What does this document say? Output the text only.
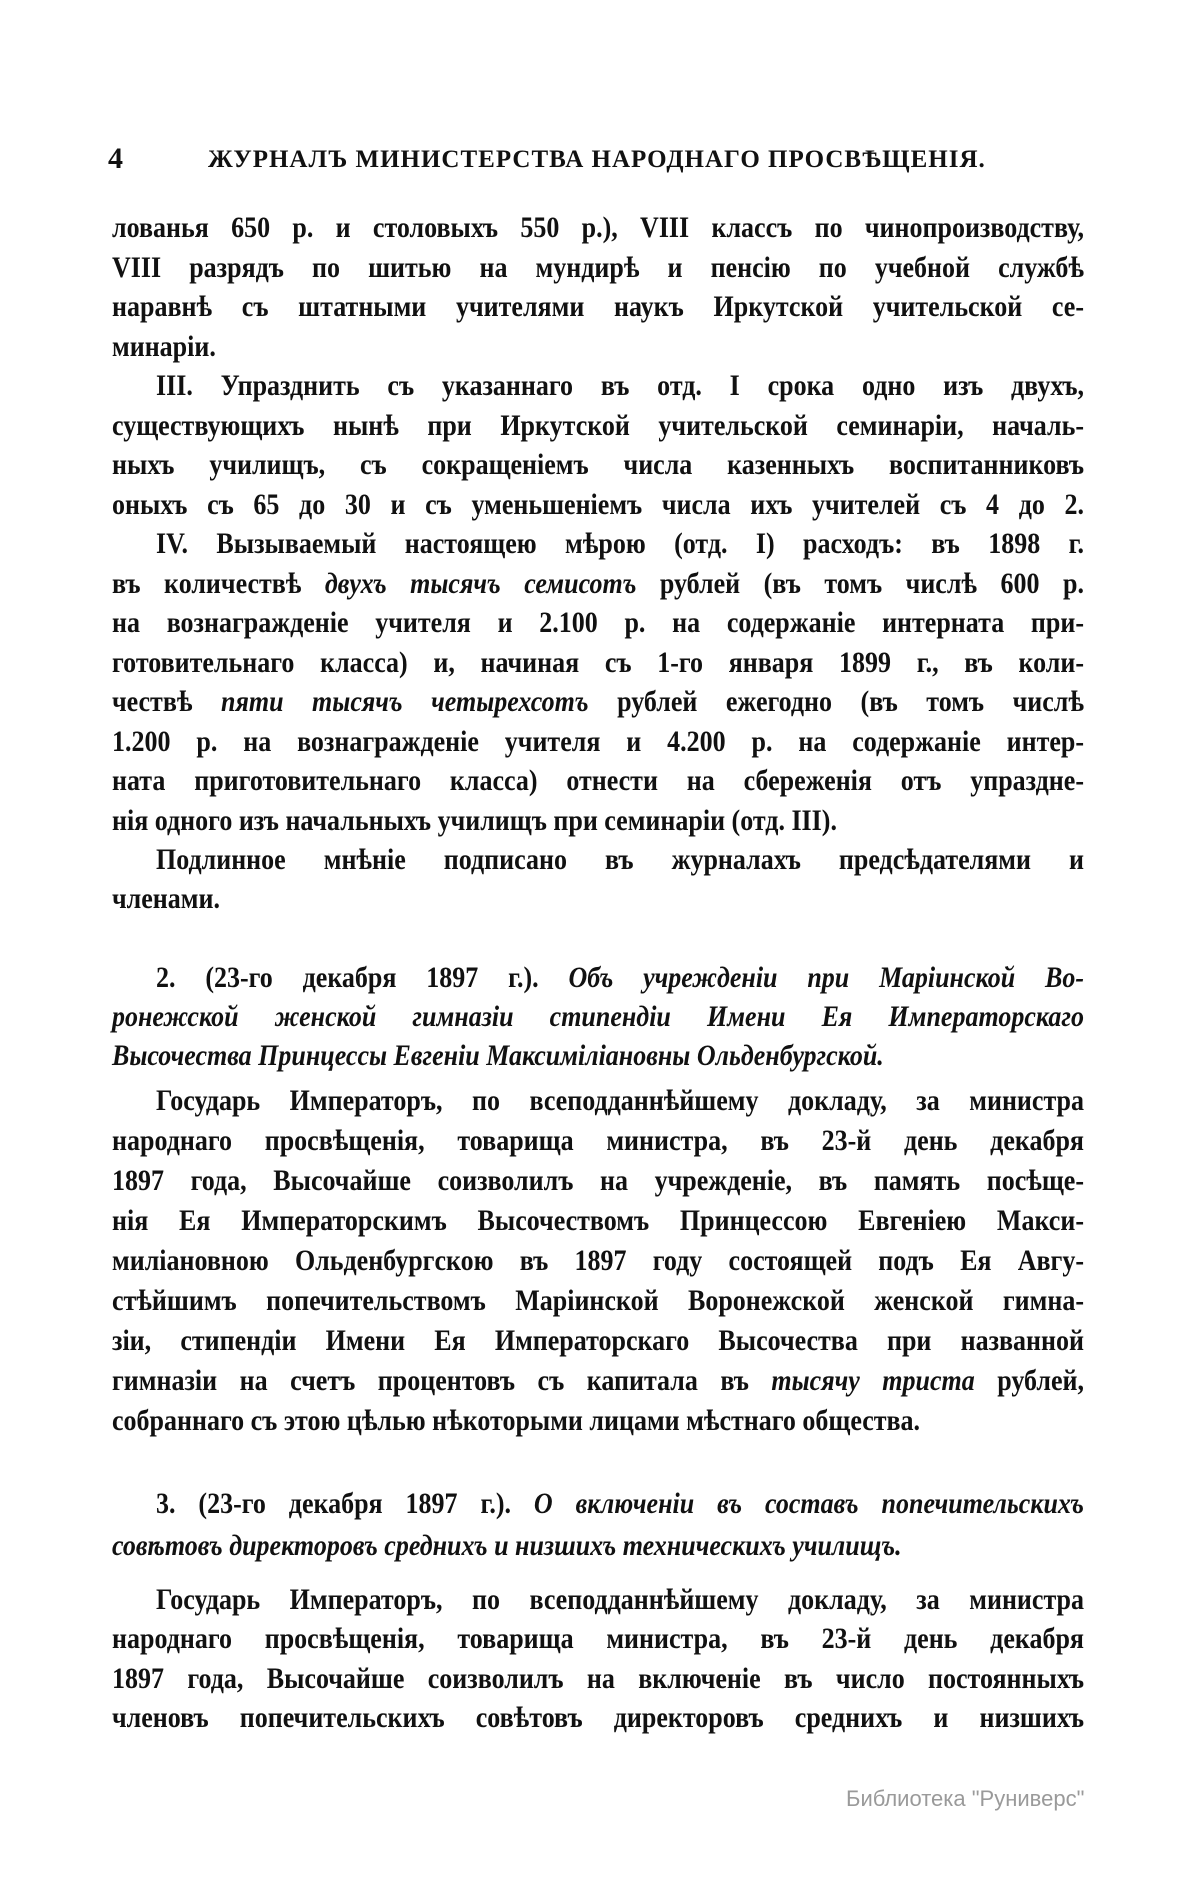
4	ЖУРНАЛЪ МИНИСТЕРСТВА НАРОДНАГО ПРОСВѢЩЕНІЯ.
лованья 650 р. и столовыхъ 550 р.), VIII классъ по чинопроизводству,
VIII разрядъ по шитью на мундирѣ и пенсію по учебной службѣ
наравнѣ съ штатными учителями наукъ Иркутской учительской се-
минаріи.
III. Упразднить съ указаннаго въ отд. I срока одно изъ двухъ,
существующихъ нынѣ при Иркутской учительской семинаріи, началь-
ныхъ училищъ, съ сокращеніемъ числа казенныхъ воспитанниковъ
оныхъ съ 65 до 30 и съ уменьшеніемъ числа ихъ учителей съ 4 до 2.
IV. Вызываемый настоящею мѣрою (отд. I) расходъ: въ 1898 г.
въ количествѣ двухъ тысячъ семисотъ рублей (въ томъ числѣ 600 р.
на вознагражденіе учителя и 2.100 р. на содержаніе интерната при-
готовительнаго класса) и, начиная съ 1-го января 1899 г., въ коли-
чествѣ пяти тысячъ четырехсотъ рублей ежегодно (въ томъ числѣ
1.200 р. на вознагражденіе учителя и 4.200 р. на содержаніе интер-
ната приготовительнаго класса) отнести на сбереженія отъ упраздне-
нія одного изъ начальныхъ училищъ при семинаріи (отд. III).
Подлинное мнѣніе подписано въ журналахъ предсѣдателями и
членами.
2. (23-го декабря 1897 г.). Объ учрежденіи при Маріинской Во-
ронежской женской гимназіи стипендіи Имени Ея Императорскаго
Высочества Принцессы Евгеніи Максиміліановны Ольденбургской.
Государь Императоръ, по всеподданнѣйшему докладу, за министра
народнаго просвѣщенія, товарища министра, въ 23-й день декабря
1897 года, Высочайше соизволилъ на учрежденіе, въ память посѣще-
нія Ея Императорскимъ Высочествомъ Принцессою Евгеніею Макси-
миліановною Ольденбургскою въ 1897 году состоящей подъ Ея Авгу-
стѣйшимъ попечительствомъ Маріинской Воронежской женской гимна-
зіи, стипендіи Имени Ея Императорскаго Высочества при названной
гимназіи на счетъ процентовъ съ капитала въ тысячу триста рублей,
собраннаго съ этою цѣлью нѣкоторыми лицами мѣстнаго общества.
3. (23-го декабря 1897 г.). О включеніи въ составъ попечительскихъ
совѣтовъ директоровъ среднихъ и низшихъ техническихъ училищъ.
Государь Императоръ, по всеподданнѣйшему докладу, за министра
народнаго просвѣщенія, товарища министра, въ 23-й день декабря
1897 года, Высочайше соизволилъ на включеніе въ число постоянныхъ
членовъ попечительскихъ совѣтовъ директоровъ среднихъ и низшихъ
Библиотека "Руниверс"
